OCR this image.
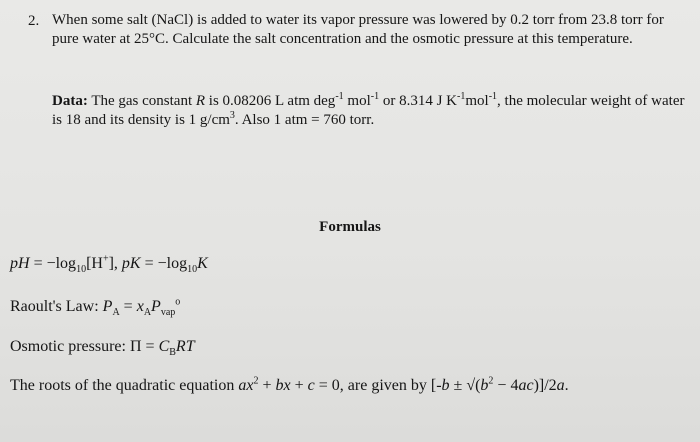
2. When some salt (NaCl) is added to water its vapor pressure was lowered by 0.2 torr from 23.8 torr for pure water at 25°C. Calculate the salt concentration and the osmotic pressure at this temperature.
Data: The gas constant R is 0.08206 L atm deg$^{-1}$ mol$^{-1}$ or 8.314 J $K^{-1}mol^{-1}$, the molecular weight of water is 18 and its density is 1 $g/cm^3$. Also 1 atm = 760 torr.
Formulas
pH = $-\log_{10}[H^+]$, pK = $-\log_{10}K$
Raoult's Law: $P_A = x_AP_{vap}^o$
Osmotic pressure: $\Pi = C_BRT$
The roots of the quadratic equation $ax^2$ + bx + c = 0, are given by $[-b \pm √(b^2 - 4ac)]/2a$.
